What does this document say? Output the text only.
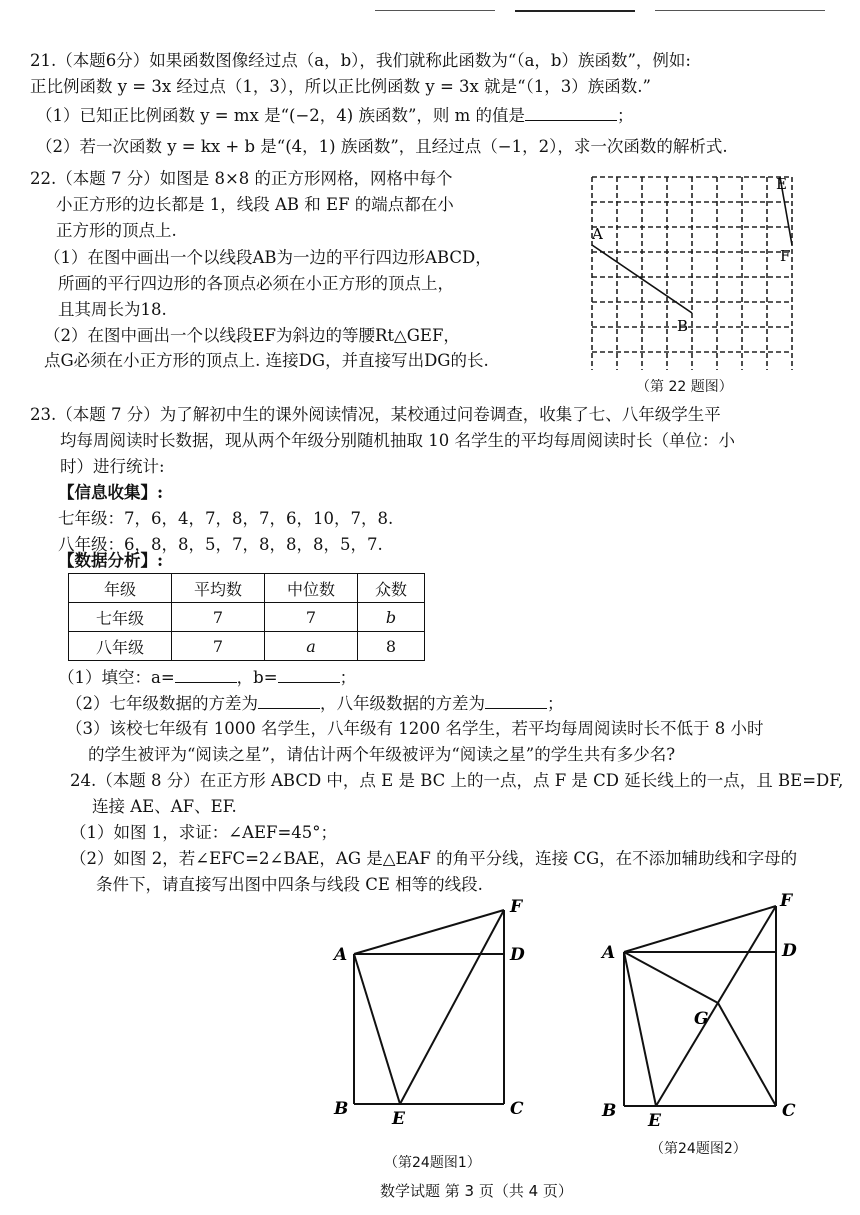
21.（本题6分）如果函数图像经过点（a，b），我们就称此函数为“（a，b）族函数”，例如:
正比例函数 y = 3x 经过点（1，3），所以正比例函数 y = 3x 就是“（1，3）族函数.”
（1）已知正比例函数 y = mx 是“(−2，4) 族函数”，则 m 的值是	；
（2）若一次函数 y = kx + b 是“(4，1) 族函数”，且经过点（−1，2），求一次函数的解析式.
22.（本题 7 分）如图是 8×8 的正方形网格，网格中每个
小正方形的边长都是 1，线段 AB 和 EF 的端点都在小
正方形的顶点上.
（1）在图中画出一个以线段AB为一边的平行四边形ABCD，
所画的平行四边形的各顶点必须在小正方形的顶点上，
且其周长为18.
（2）在图中画出一个以线段EF为斜边的等腰Rt△GEF，
点G必须在小正方形的顶点上. 连接DG，并直接写出DG的长.
A
B
E
F
（第 22 题图）
23.（本题 7 分）为了解初中生的课外阅读情况，某校通过问卷调查，收集了七、八年级学生平
均每周阅读时长数据，现从两个年级分别随机抽取 10 名学生的平均每周阅读时长（单位：小
时）进行统计:
【信息收集】:
七年级：7，6，4，7，8，7，6，10，7，8.
八年级：6，8，8，5，7，8，8，8，5，7.
【数据分析】:
年级	平均数	中位数	众数
七年级	7	7	b
八年级	7	a	8
（1）填空：a=	，b=	；
（2）七年级数据的方差为	，八年级数据的方差为	；
（3）该校七年级有 1000 名学生，八年级有 1200 名学生，若平均每周阅读时长不低于 8 小时
的学生被评为“阅读之星”，请估计两个年级被评为“阅读之星”的学生共有多少名?
24.（本题 8 分）在正方形 ABCD 中，点 E 是 BC 上的一点，点 F 是 CD 延长线上的一点，且 BE=DF,
连接 AE、AF、EF.
（1）如图 1，求证：∠AEF=45°；
（2）如图 2，若∠EFC=2∠BAE，AG 是△EAF 的角平分线，连接 CG，在不添加辅助线和字母的
条件下，请直接写出图中四条与线段 CE 相等的线段.
A	D
F
B	E	C
（第24题图1）
A	D
F
G
B E	C
（第24题图2）
数学试题 第 3 页（共 4 页）
